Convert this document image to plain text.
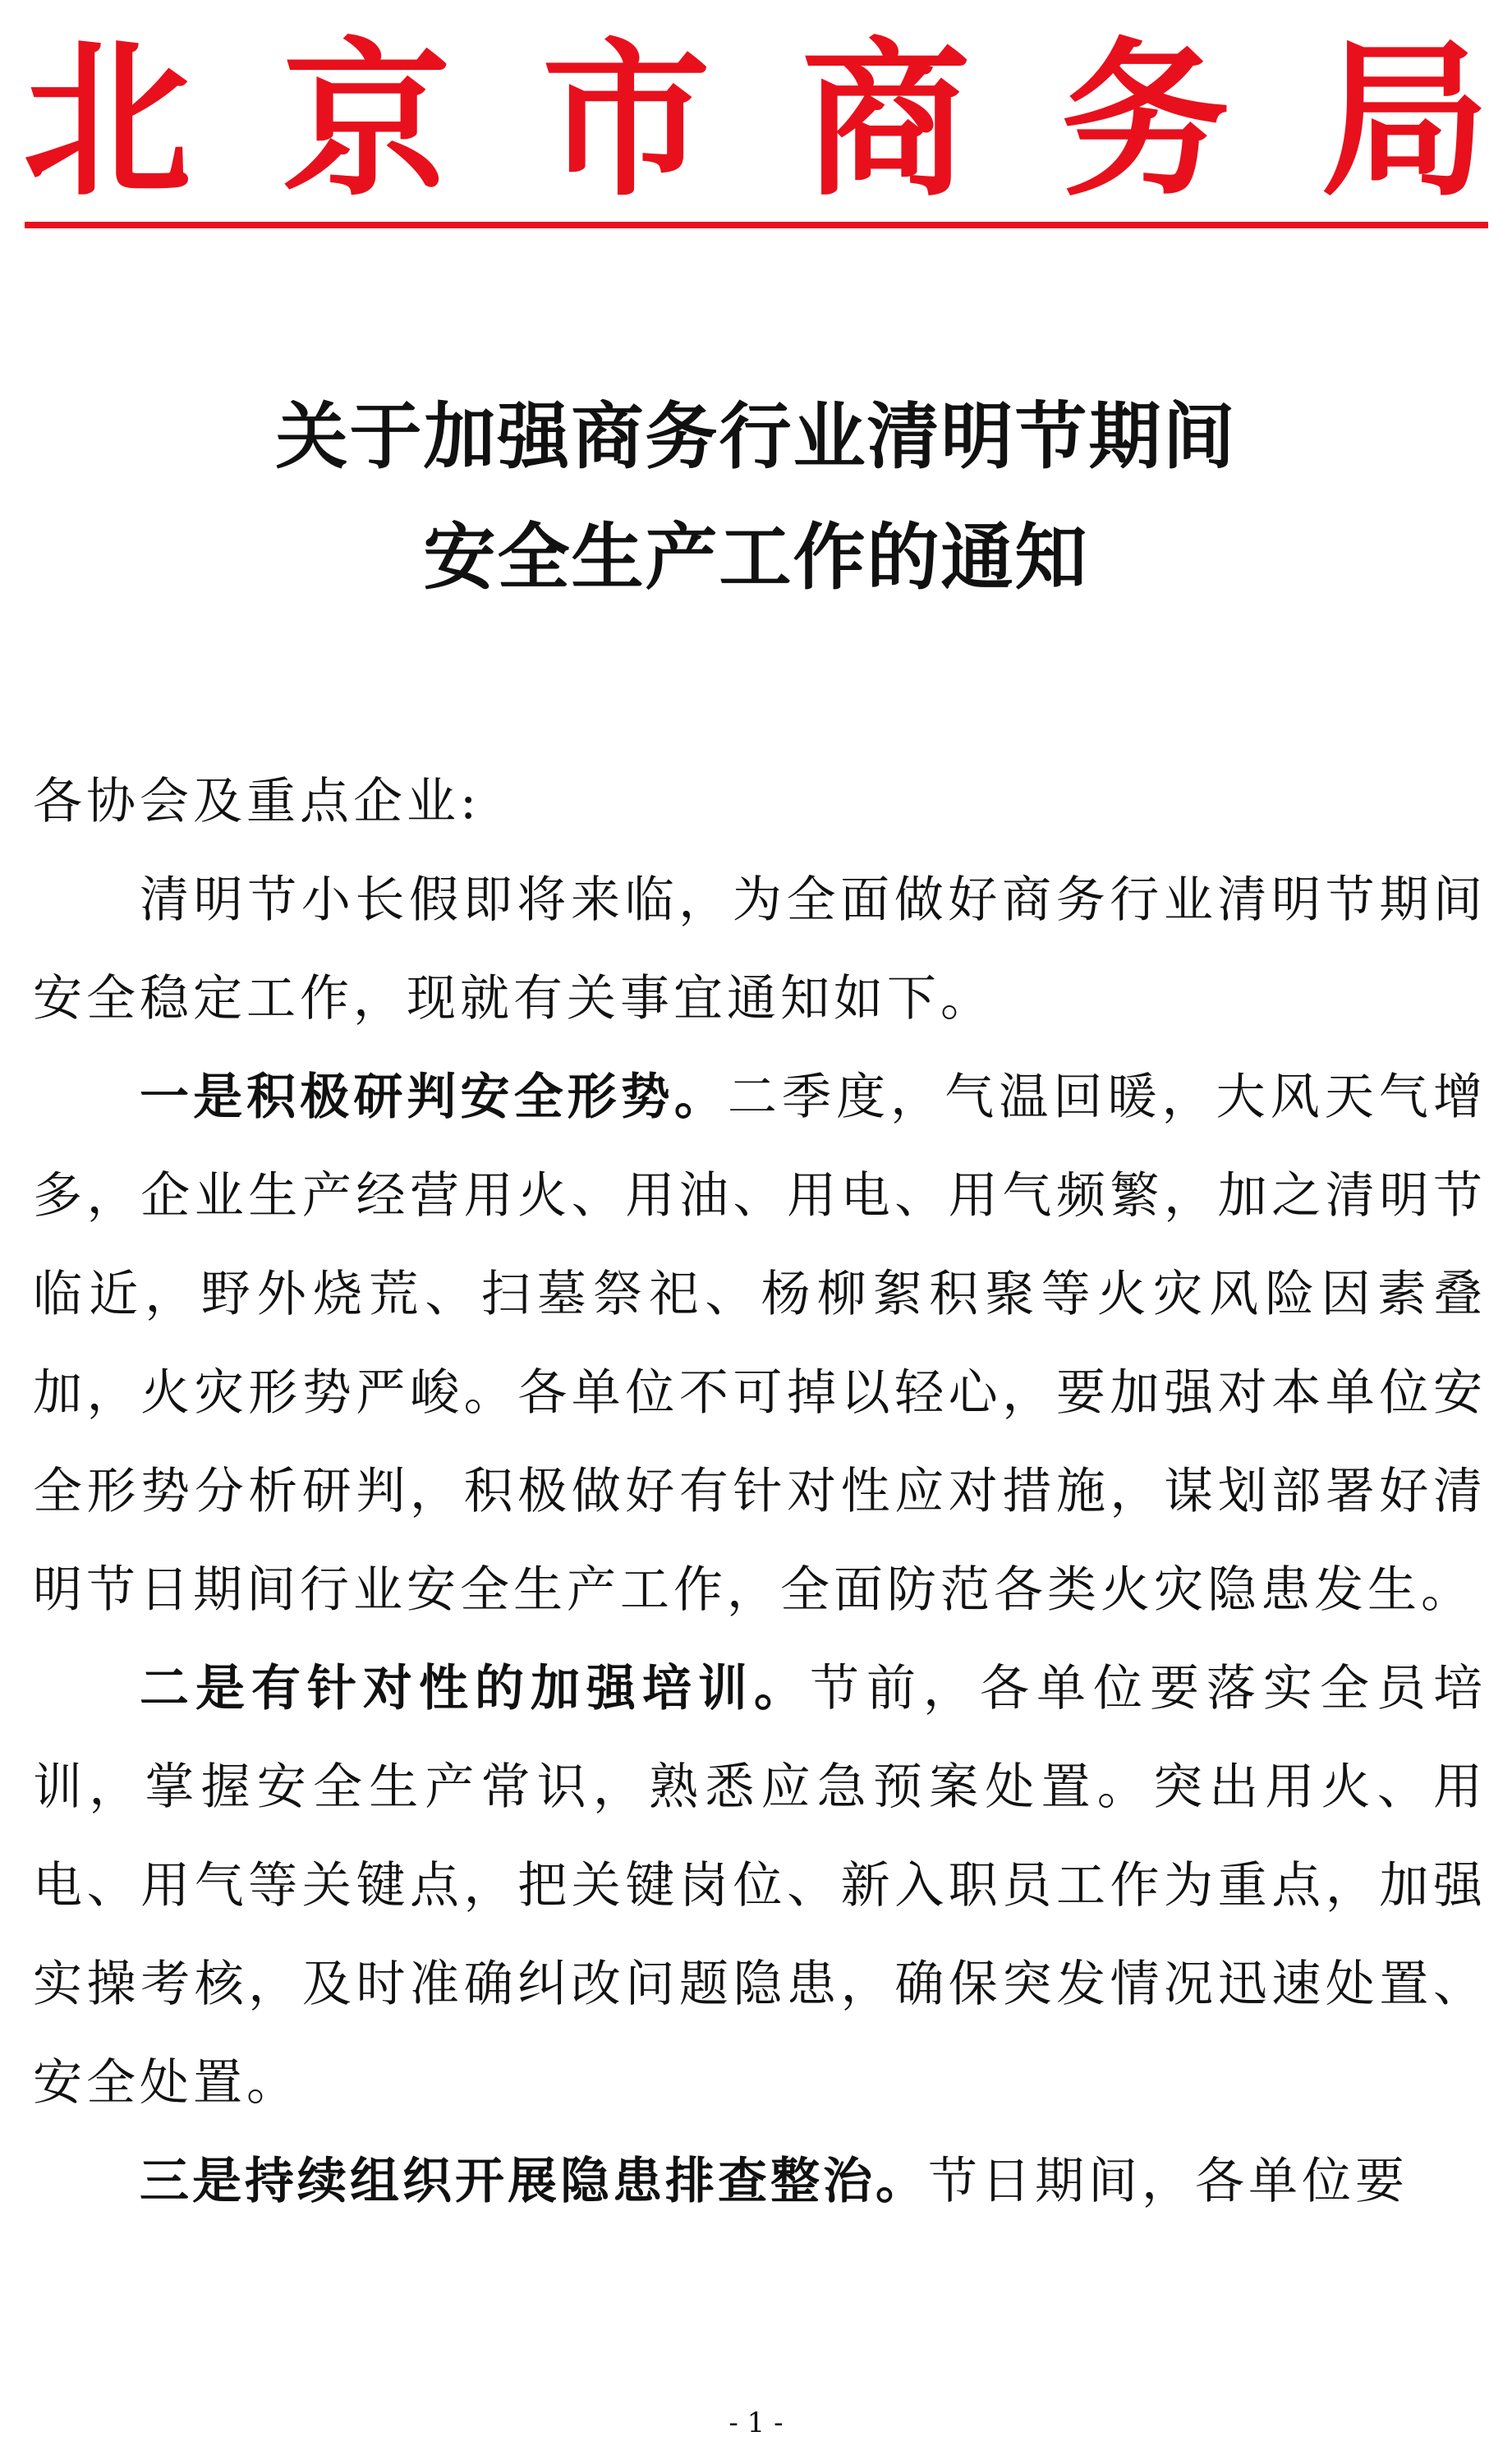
北 京 市 商 务 局
关于加强商务行业清明节期间
安全生产工作的通知

各协会及重点企业:

清明节小长假即将来临，为全面做好商务行业清明节期间安全稳定工作，现就有关事宜通知如下。

一是积极研判安全形势。二季度，气温回暖，大风天气增多，企业生产经营用火、用油、用电、用气频繁，加之清明节临近，野外烧荒、扫墓祭祀、杨柳絮积聚等火灾风险因素叠加，火灾形势严峻。各单位不可掉以轻心，要加强对本单位安全形势分析研判，积极做好有针对性应对措施，谋划部署好清明节日期间行业安全生产工作，全面防范各类火灾隐患发生。

二是有针对性的加强培训。节前，各单位要落实全员培训，掌握安全生产常识，熟悉应急预案处置。突出用火、用电、用气等关键点，把关键岗位、新入职员工作为重点，加强实操考核，及时准确纠改问题隐患，确保突发情况迅速处置、安全处置。

三是持续组织开展隐患排查整治。节日期间，各单位要

- 1 -
